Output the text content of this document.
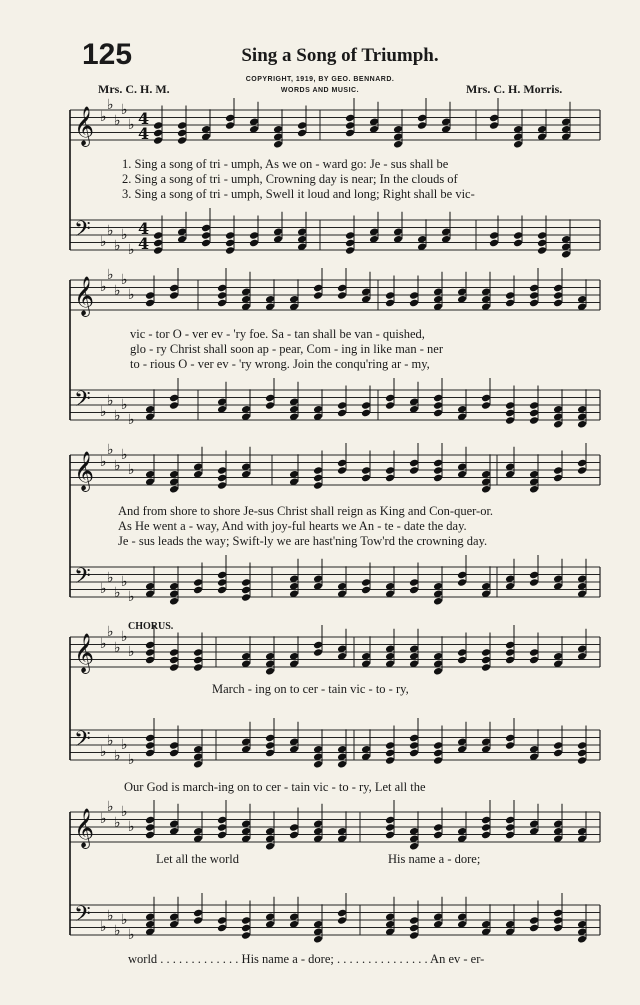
125	Sing a Song of Triumph.
Mrs. C. H. M.	Mrs. C. H. Morris.
COPYRIGHT, 1919, BY GEO. BENNARD.
WORDS AND MUSIC.
𝄞 ♭
♭
♭
♭
♭ 4
4
𝄢 ♭
♭
♭
♭
♭
4
4
𝄞 ♭
♭
♭
♭
♭
𝄢 ♭
♭
♭
♭
♭
𝄞 ♭
♭
♭
♭
♭
𝄢 ♭
♭
♭
♭
♭
𝄞 ♭
♭
♭
♭
♭
𝄢 ♭
♭
♭
♭
♭
𝄞 ♭
♭
♭
♭
♭
𝄢 ♭
♭
♭
♭
♭
1. Sing a song of tri - umph, As we on - ward go: Je - sus shall be
2. Sing a song of tri - umph, Crowning day is near; In the clouds of
3. Sing a song of tri - umph, Swell it loud and long; Right shall be vic-
vic - tor O - ver ev - 'ry foe. Sa - tan shall be van - quished,
glo - ry Christ shall soon ap - pear, Com - ing in like man - ner
to - rious O - ver ev - 'ry wrong. Join the conqu'ring ar - my,
And from shore to shore Je-sus Christ shall reign as King and Con-quer-or.
As He went a - way, And with joy-ful hearts we An - te - date the day.
Je - sus leads the way; Swift-ly we are hast'ning Tow'rd the crowning day.
CHORUS.
March - ing on to cer - tain vic - to - ry,
Our God is march-ing on to cer - tain vic - to - ry, Let all the
Let all the world	His name a - dore;
world . . . . . . . . . . . . . His name a - dore; . . . . . . . . . . . . . . . An ev - er-
